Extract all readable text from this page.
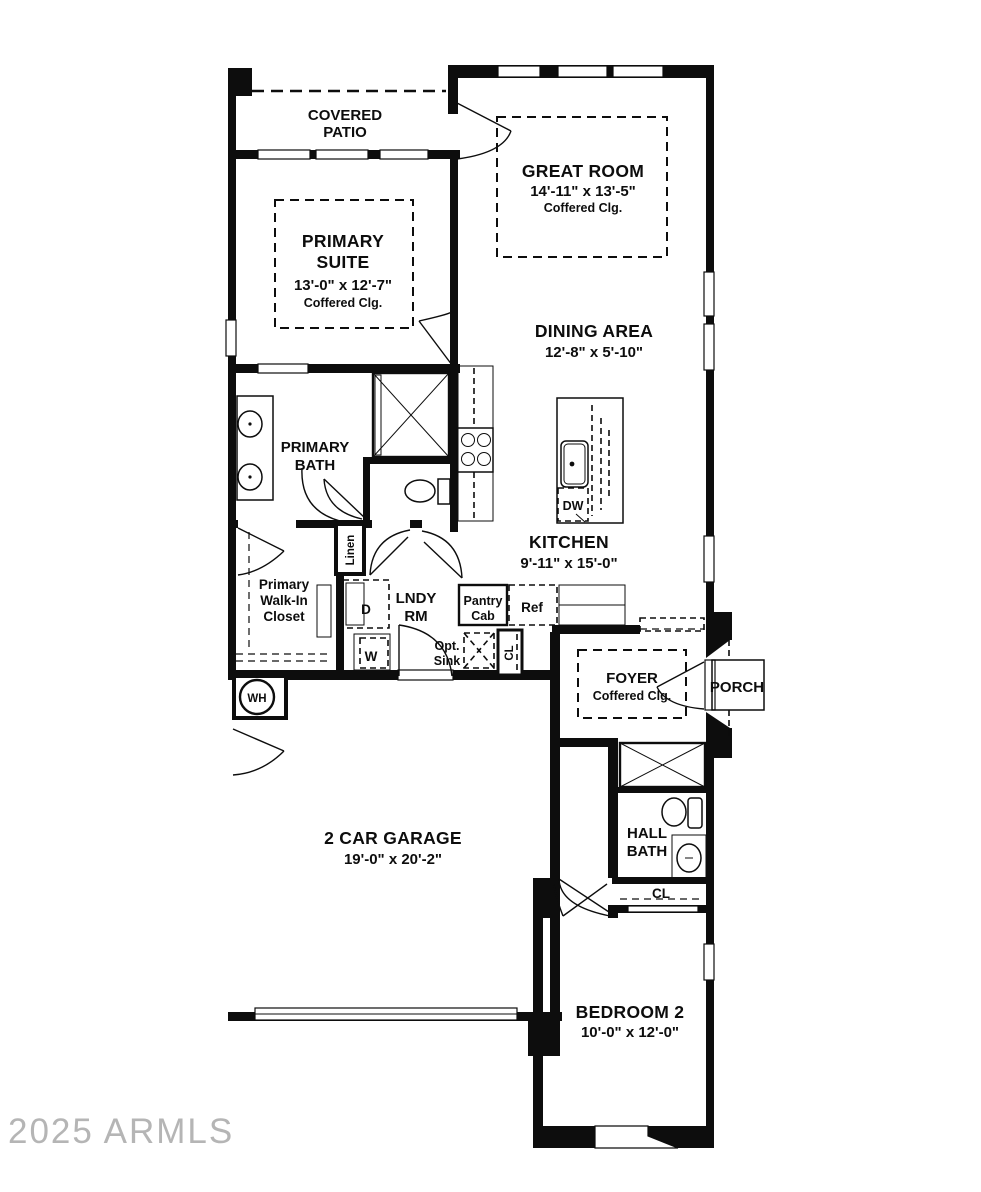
COVERED
PATIO
GREAT ROOM
14'-11" x 13'-5"
Coffered Clg.
PRIMARY
SUITE
13'-0" x 12'-7"
Coffered Clg.
DINING AREA
12'-8" x 5'-10"
PRIMARY
BATH
Primary
Walk-In
Closet
LNDY
RM
KITCHEN
9'-11" x 15'-0"
FOYER
Coffered Clg.	PORCH
2 CAR GARAGE
19'-0" x 20'-2"
HALL
BATH
BEDROOM 2
10'-0" x 12'-0"
Linen
D
W
Opt.
Sink
Pantry
Cab
Ref
DW
CL
WH
CL
2025 ARMLS
